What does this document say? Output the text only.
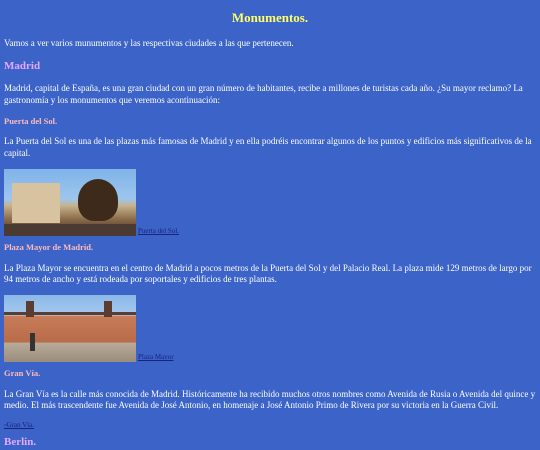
Monumentos.

Vamos a ver varios munumentos y las respectivas ciudades a las que pertenecen.

Madrid

Madrid, capital de España, es una gran ciudad con un gran número de habitantes, recibe a millones de turistas cada año. ¿Su mayor reclamo? La gastronomía y los monumentos que veremos acontinuación:

Puerta del Sol.

La Puerta del Sol es una de las plazas más famosas de Madrid y en ella podréis encontrar algunos de los puntos y edificios más significativos de la capital.

Puerta del Sol.
Plaza Mayor de Madrid.

La Plaza Mayor se encuentra en el centro de Madrid a pocos metros de la Puerta del Sol y del Palacio Real. La plaza mide 129 metros de largo por 94 metros de ancho y está rodeada por soportales y edificios de tres plantas.

Plaza Mayor
Gran Vía.

La Gran Vía es la calle más conocida de Madrid. Históricamente ha recibido muchos otros nombres como Avenida de Rusia o Avenida del quince y medio. El más trascendente fue Avenida de José Antonio, en homenaje a José Antonio Primo de Rivera por su victoria en la Guerra Civil.

▫Gran Vía.
Berlin.
